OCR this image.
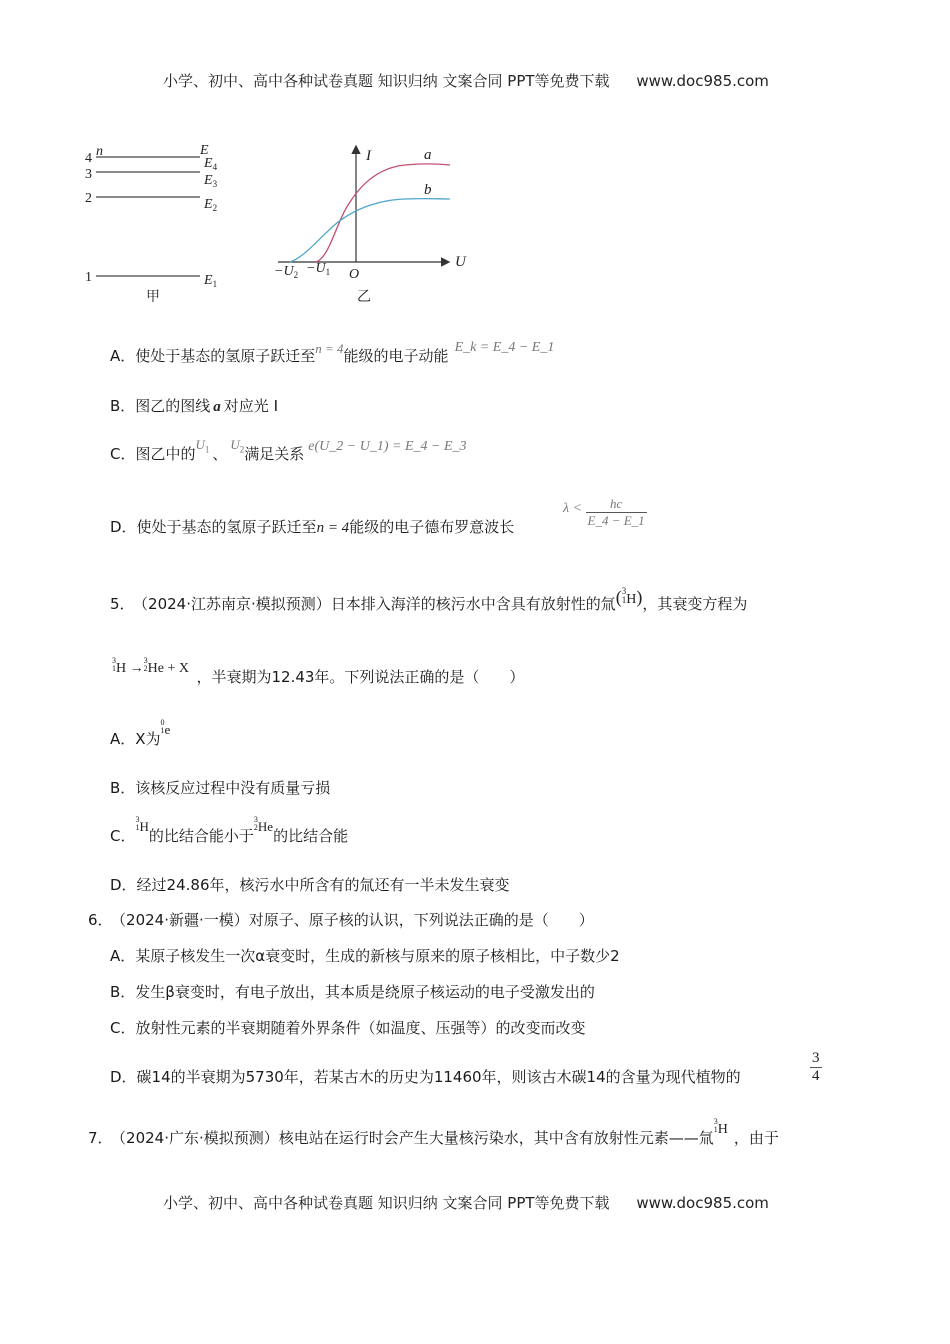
小学、初中、高中各种试卷真题 知识归纳 文案合同 PPT等免费下载 www.doc985.com
n
4
3
2
1
E
$E_4$
$E_3$
$E_2$
$E_1$
甲
I
U
a
b
O
$-U_2 -U_1$
乙
A．使处于基态的氢原子跃迁至n = 4能级的电子动能 E_k = E_4 − E_1
B．图乙的图线 a 对应光 I
C．图乙中的$U_1$ 、$U_2$满足关系 e(U_2 − U_1) = E_4 − E_3
D．使处于基态的氢原子跃迁至n = 4能级的电子德布罗意波长
$\lambda < \frac{hc}{E\_4 - E\_1}$
5． （2024·江苏南京·模拟预测）日本排入海洋的核污水中含具有放射性的氚(3
1H)，其衰变方程为
3
1H →3
2He + X ，半衰期为12.43年。下列说法正确的是（　　）
A．X为0
1e
B．该核反应过程中没有质量亏损
C．3
1H的比结合能小于3
2He的比结合能
D．经过24.86年，核污水中所含有的氚还有一半未发生衰变
6． （2024·新疆·一模）对原子、原子核的认识，下列说法正确的是（　　）
A．某原子核发生一次α衰变时，生成的新核与原来的原子核相比，中子数少2
B．发生β衰变时，有电子放出，其本质是绕原子核运动的电子受激发出的
C．放射性元素的半衰期随着外界条件（如温度、压强等）的改变而改变
D．碳14的半衰期为5730年，若某古木的历史为11460年，则该古木碳14的含量为现代植物的	$\frac{3}{4}$
7． （2024·广东·模拟预测）核电站在运行时会产生大量核污染水，其中含有放射性元素——氚3
1H ，由于
小学、初中、高中各种试卷真题 知识归纳 文案合同 PPT等免费下载 www.doc985.com
